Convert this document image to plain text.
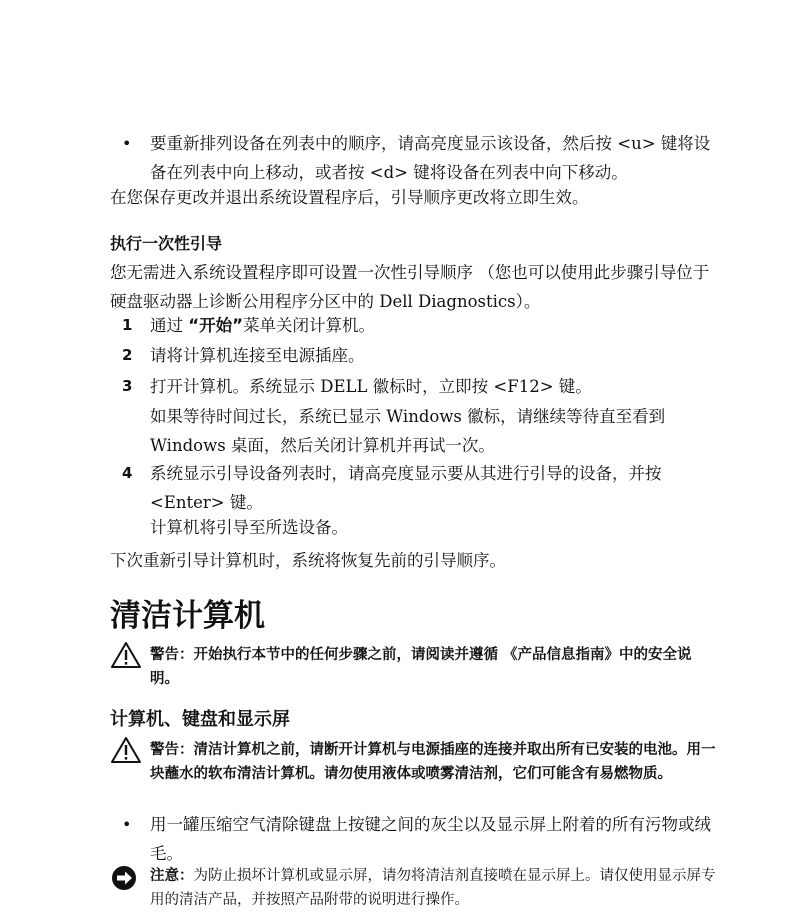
• 要重新排列设备在列表中的顺序，请高亮度显示该设备，然后按 <u> 键将设备在列表中向上移动，或者按 <d> 键将设备在列表中向下移动。

在您保存更改并退出系统设置程序后，引导顺序更改将立即生效。

执行一次性引导

您无需进入系统设置程序即可设置一次性引导顺序 （您也可以使用此步骤引导位于硬盘驱动器上诊断公用程序分区中的 Dell Diagnostics）。

1 通过 “开始”菜单关闭计算机。

2 请将计算机连接至电源插座。

3 打开计算机。系统显示 DELL 徽标时，立即按 <F12> 键。

如果等待时间过长，系统已显示 Windows 徽标，请继续等待直至看到 Windows 桌面，然后关闭计算机并再试一次。

4 系统显示引导设备列表时，请高亮度显示要从其进行引导的设备，并按 <Enter> 键。

计算机将引导至所选设备。

下次重新引导计算机时，系统将恢复先前的引导顺序。

清洁计算机

警告：开始执行本节中的任何步骤之前，请阅读并遵循 《产品信息指南》中的安全说明。

计算机、键盘和显示屏

警告：清洁计算机之前，请断开计算机与电源插座的连接并取出所有已安装的电池。用一块蘸水的软布清洁计算机。请勿使用液体或喷雾清洁剂，它们可能含有易燃物质。

• 用一罐压缩空气清除键盘上按键之间的灰尘以及显示屏上附着的所有污物或绒毛。

注意：为防止损坏计算机或显示屏，请勿将清洁剂直接喷在显示屏上。请仅使用显示屏专用的清洁产品，并按照产品附带的说明进行操作。
